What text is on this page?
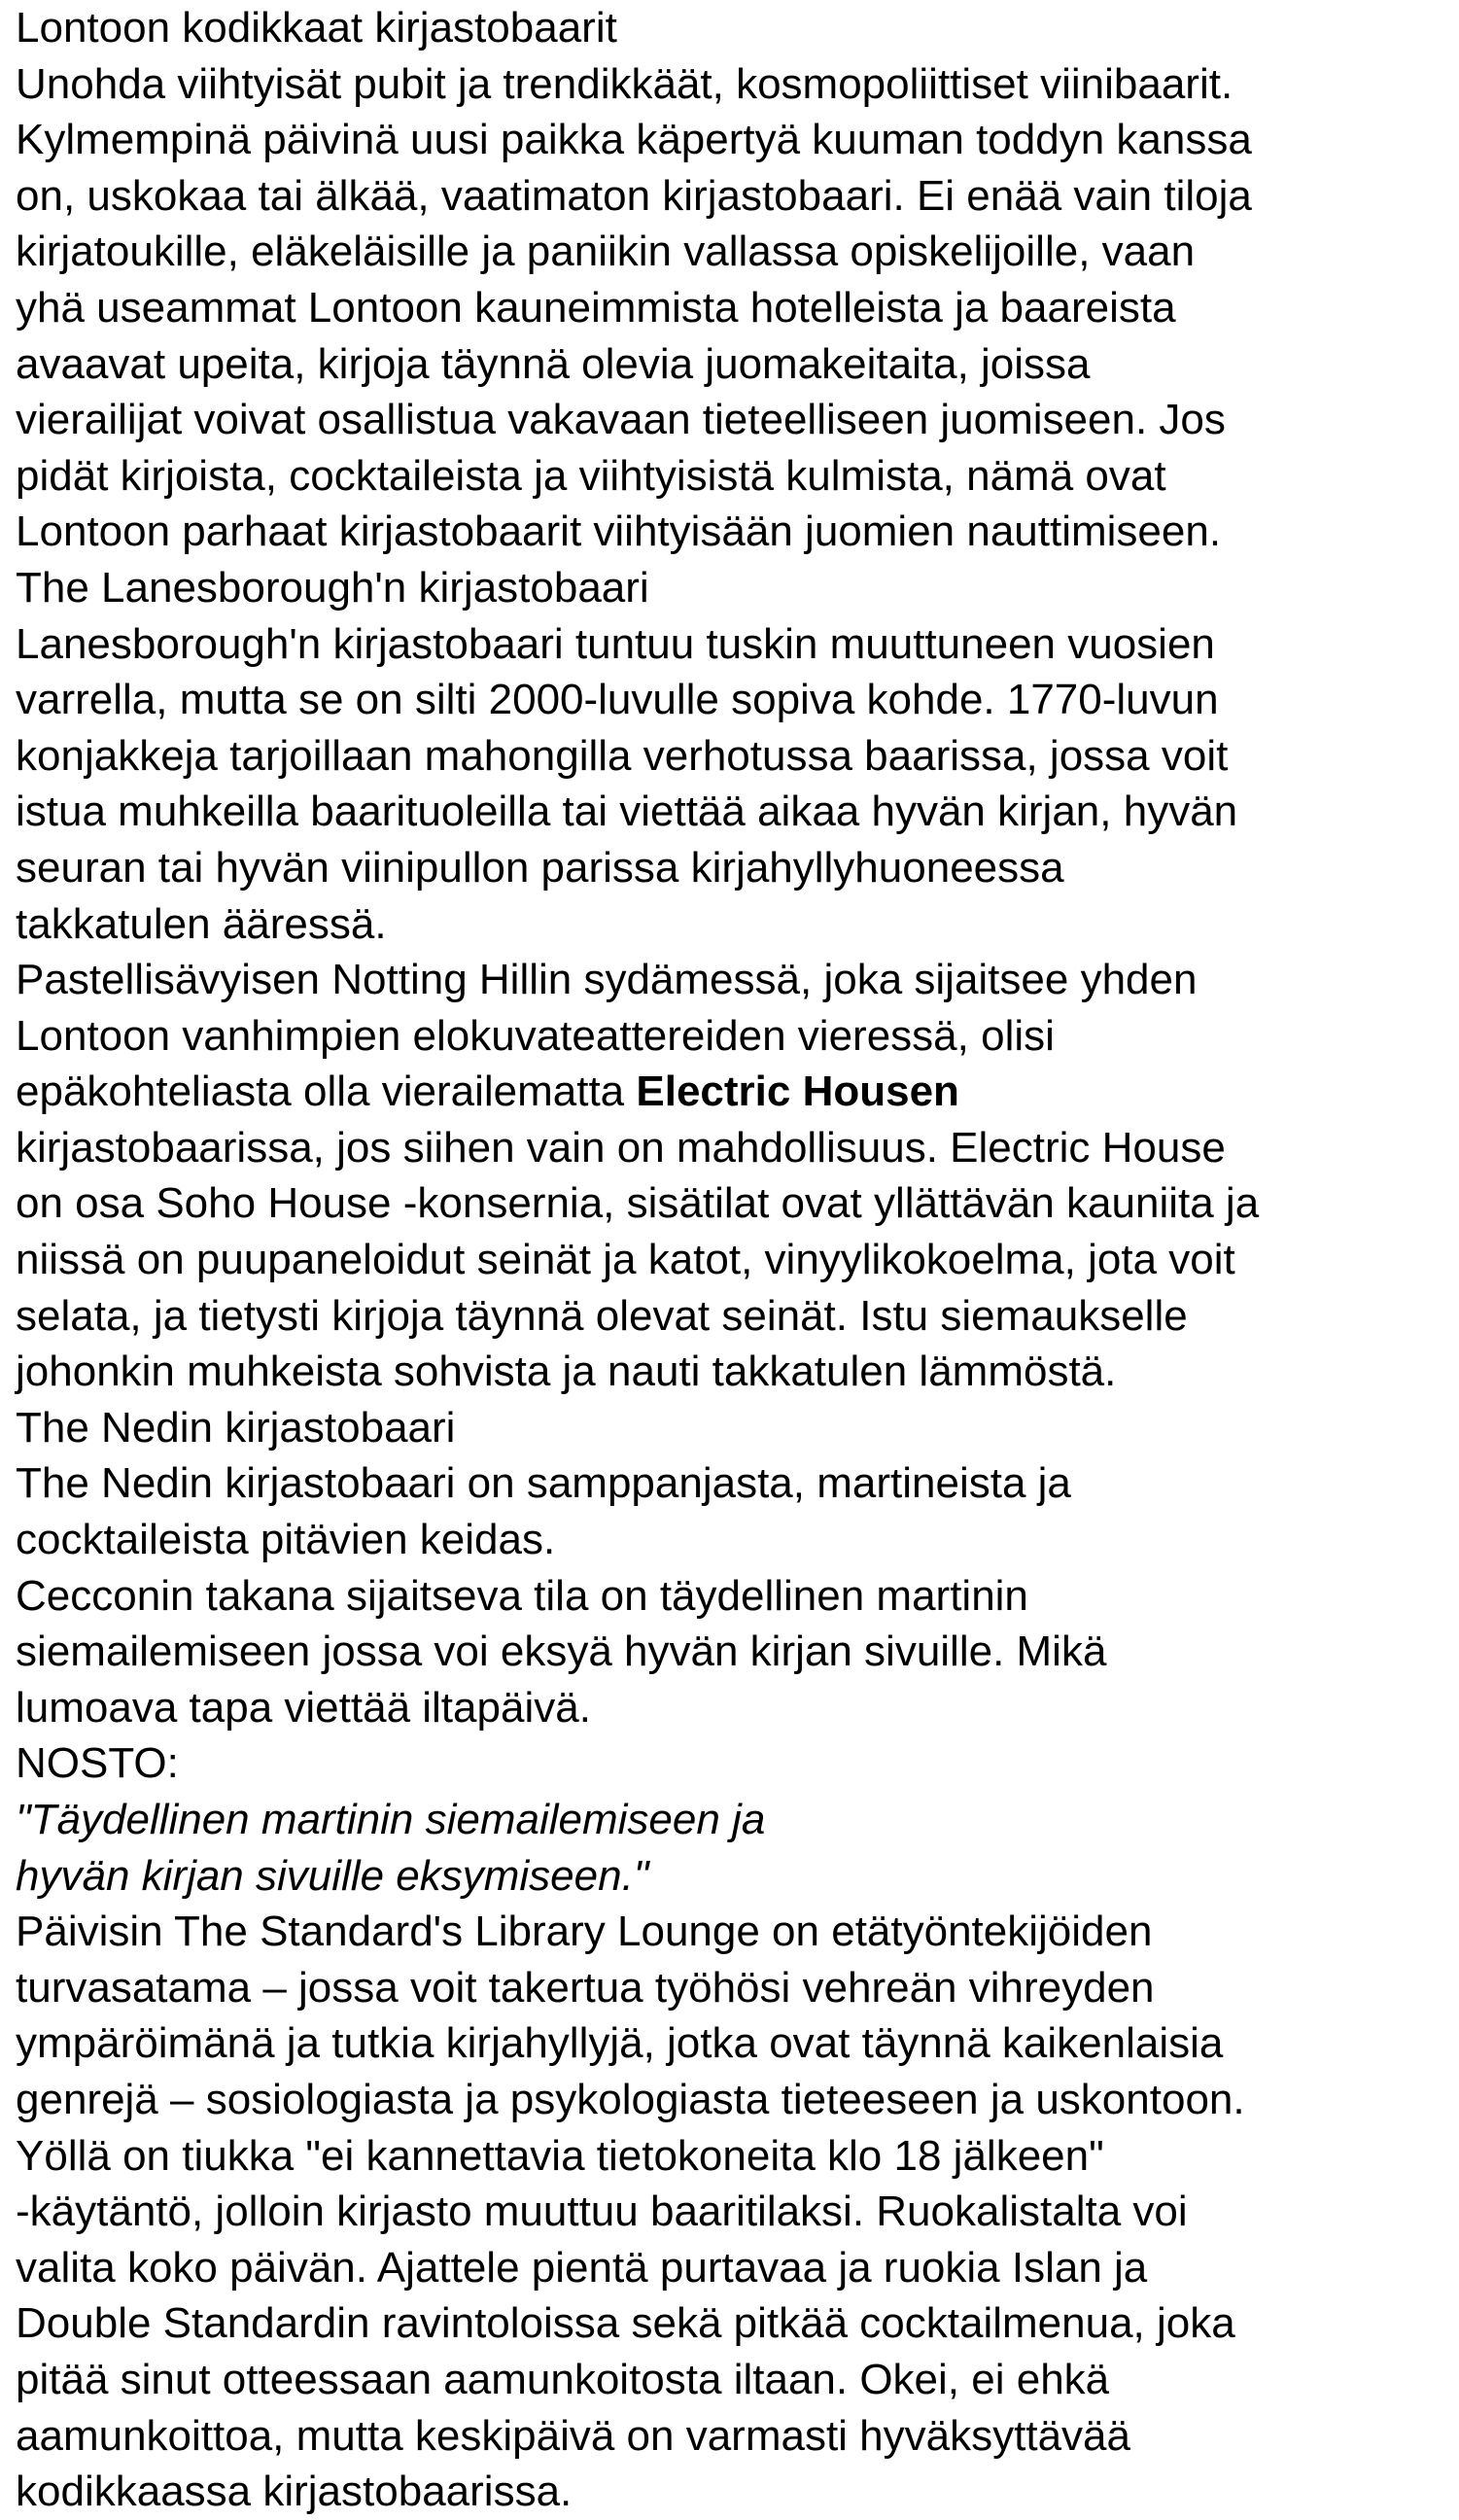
Lontoon kodikkaat kirjastobaarit

Unohda viihtyisät pubit ja trendikkäät, kosmopoliittiset viinibaarit.
Kylmempinä päivinä uusi paikka käpertyä kuuman toddyn kanssa
on, uskokaa tai älkää, vaatimaton kirjastobaari. Ei enää vain tiloja
kirjatoukille, eläkeläisille ja paniikin vallassa opiskelijoille, vaan
yhä useammat Lontoon kauneimmista hotelleista ja baareista
avaavat upeita, kirjoja täynnä olevia juomakeitaita, joissa
vierailijat voivat osallistua vakavaan tieteelliseen juomiseen. Jos
pidät kirjoista, cocktaileista ja viihtyisistä kulmista, nämä ovat
Lontoon parhaat kirjastobaarit viihtyisään juomien nauttimiseen.

The Lanesborough'n kirjastobaari

Lanesborough'n kirjastobaari tuntuu tuskin muuttuneen vuosien
varrella, mutta se on silti 2000-luvulle sopiva kohde. 1770-luvun
konjakkeja tarjoillaan mahongilla verhotussa baarissa, jossa voit
istua muhkeilla baarituoleilla tai viettää aikaa hyvän kirjan, hyvän
seuran tai hyvän viinipullon parissa kirjahyllyhuoneessa
takkatulen ääressä.

Pastellisävyisen Notting Hillin sydämessä, joka sijaitsee yhden
Lontoon vanhimpien elokuvateattereiden vieressä, olisi
epäkohteliasta olla vierailematta Electric Housen
kirjastobaarissa, jos siihen vain on mahdollisuus. Electric House
on osa Soho House -konsernia, sisätilat ovat yllättävän kauniita ja
niissä on puupaneloidut seinät ja katot, vinyylikokoelma, jota voit
selata, ja tietysti kirjoja täynnä olevat seinät. Istu siemaukselle
johonkin muhkeista sohvista ja nauti takkatulen lämmöstä.

The Nedin kirjastobaari

The Nedin kirjastobaari on samppanjasta, martineista ja
cocktaileista pitävien keidas.

Cecconin takana sijaitseva tila on täydellinen martinin
siemailemiseen jossa voi eksyä hyvän kirjan sivuille. Mikä
lumoava tapa viettää iltapäivä.

NOSTO:

"Täydellinen martinin siemailemiseen ja
hyvän kirjan sivuille eksymiseen."

Päivisin The Standard's Library Lounge on etätyöntekijöiden
turvasatama – jossa voit takertua työhösi vehreän vihreyden
ympäröimänä ja tutkia kirjahyllyjä, jotka ovat täynnä kaikenlaisia
genrejä – sosiologiasta ja psykologiasta tieteeseen ja uskontoon.
Yöllä on tiukka "ei kannettavia tietokoneita klo 18 jälkeen"
-käytäntö, jolloin kirjasto muuttuu baaritilaksi. Ruokalistalta voi
valita koko päivän. Ajattele pientä purtavaa ja ruokia Islan ja
Double Standardin ravintoloissa sekä pitkää cocktailmenua, joka
pitää sinut otteessaan aamunkoitosta iltaan. Okei, ei ehkä
aamunkoittoa, mutta keskipäivä on varmasti hyväksyttävää
kodikkaassa kirjastobaarissa.
